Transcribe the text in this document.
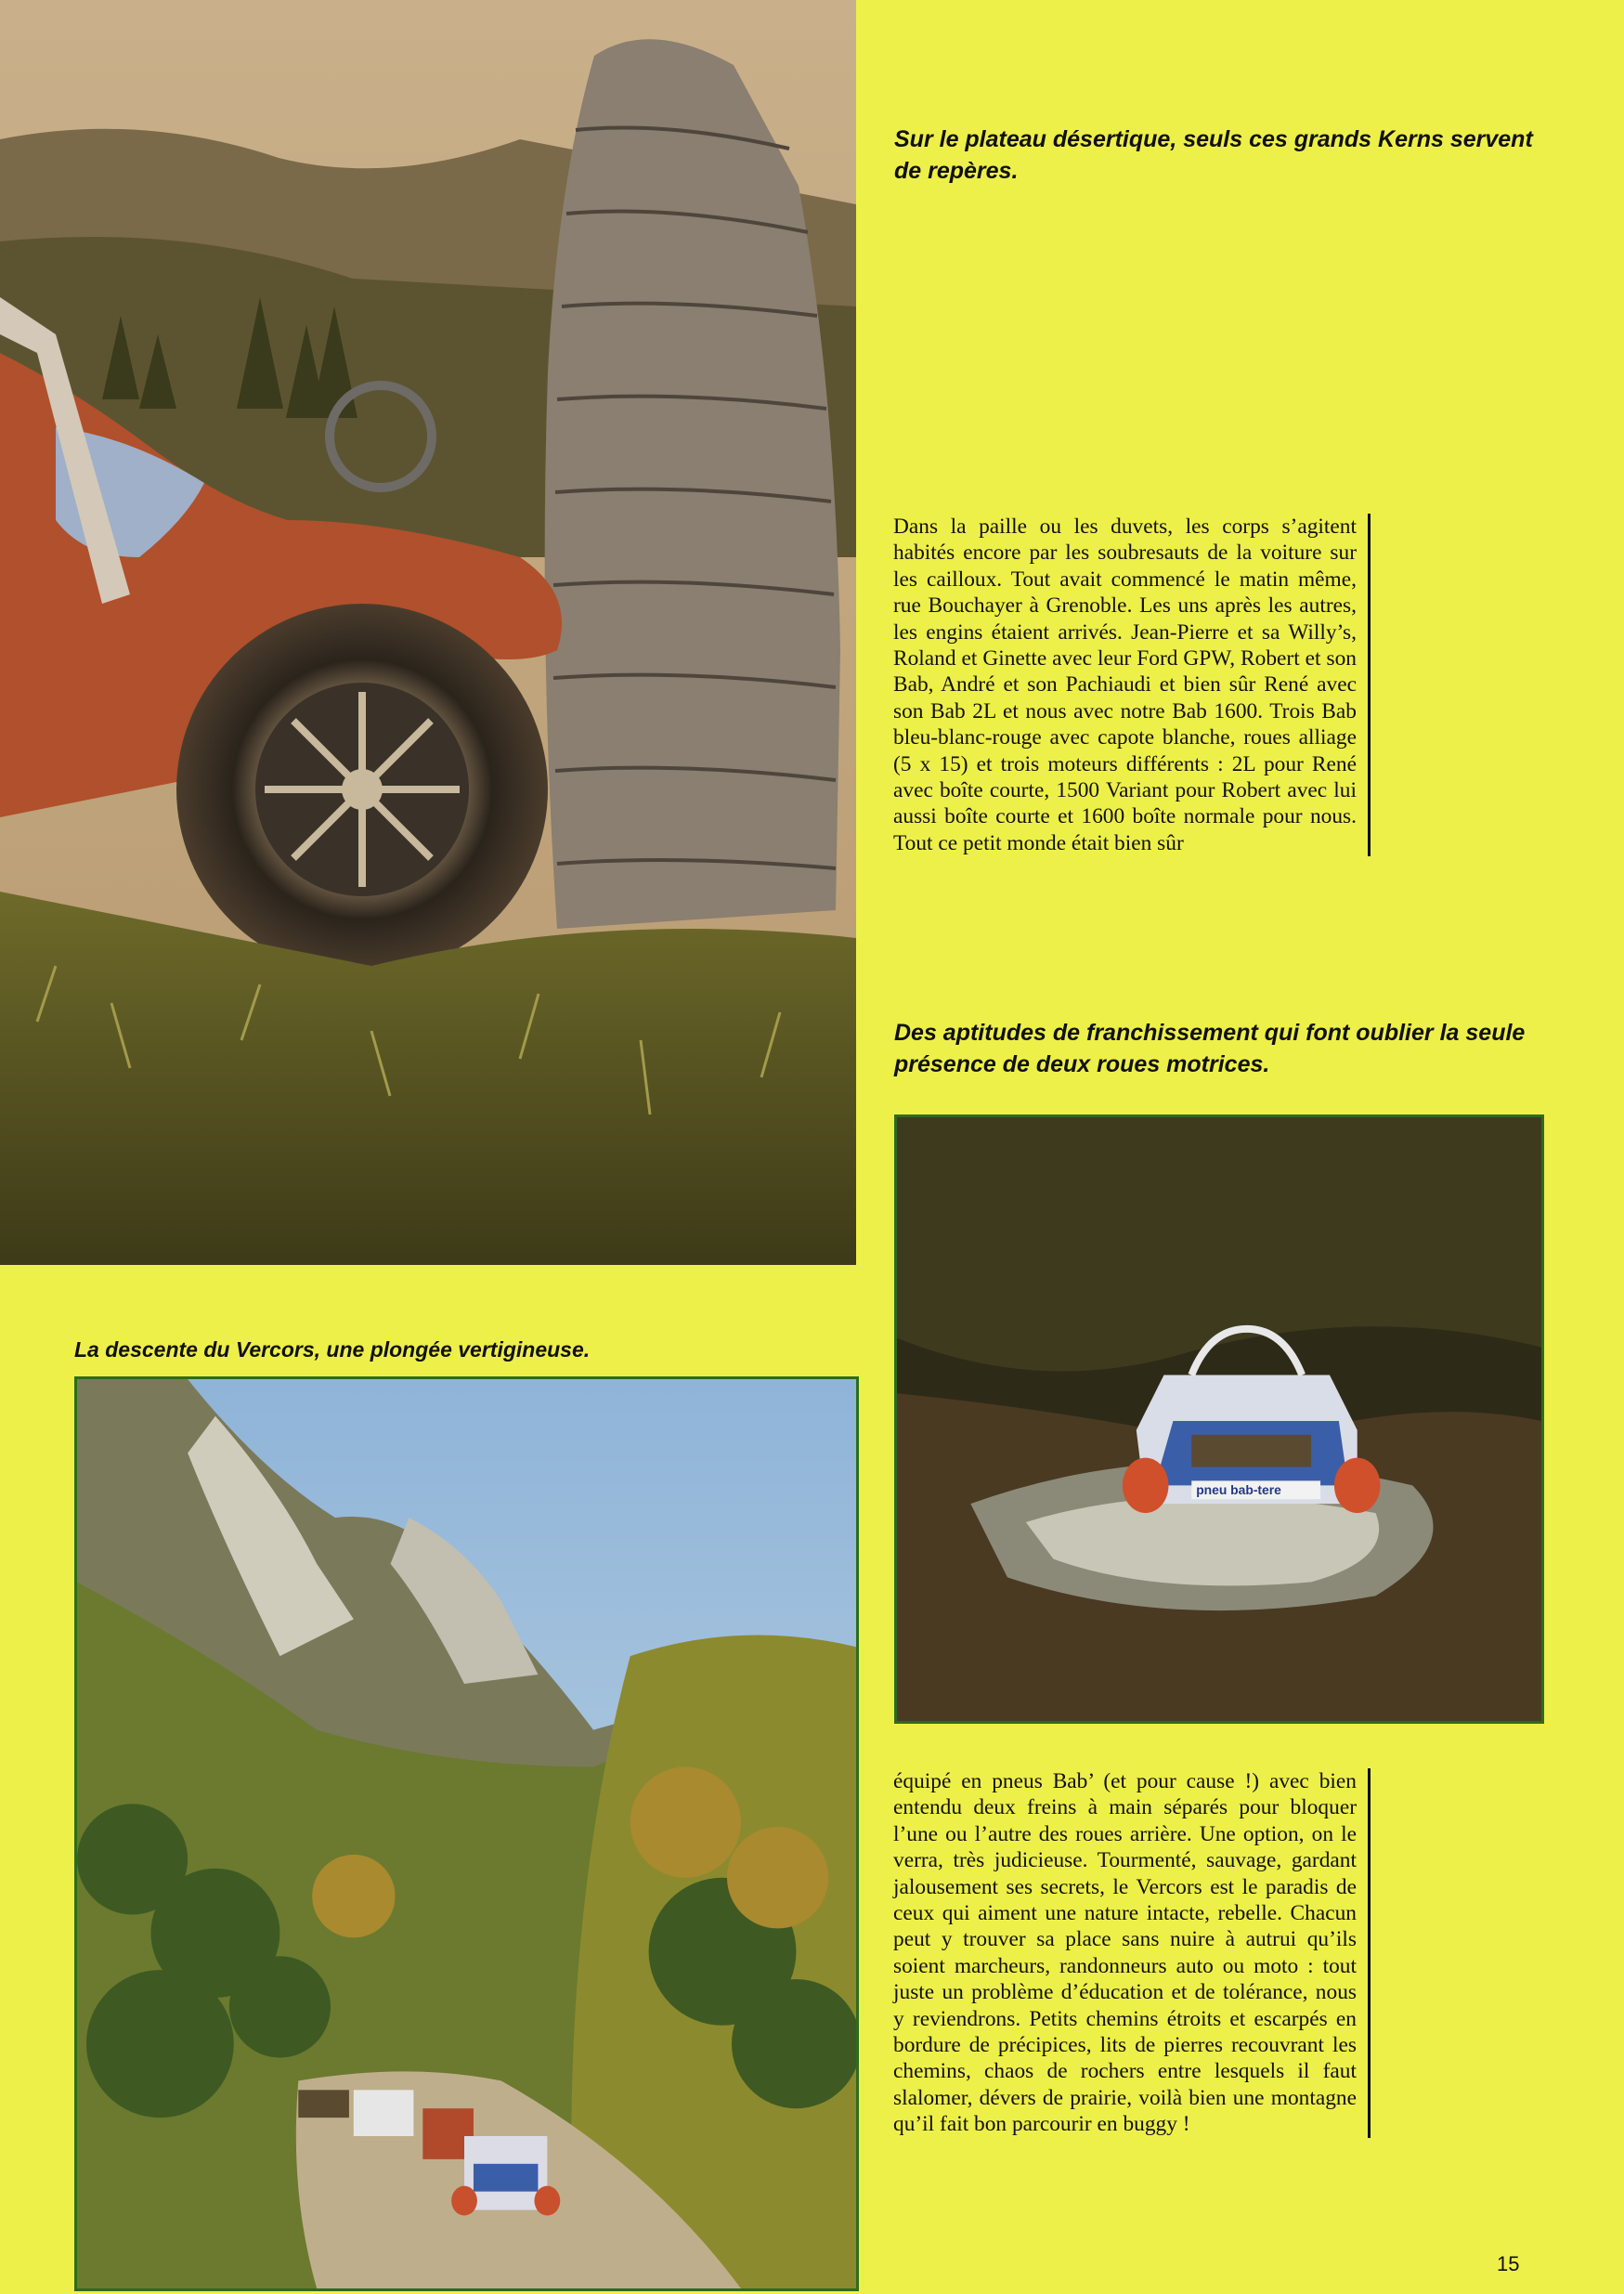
Sur le plateau désertique, seuls ces grands Kerns servent de repères.

Dans la paille ou les duvets, les corps s’agitent habités encore par les soubresauts de la voiture sur les cailloux. Tout avait commencé le matin même, rue Bouchayer à Grenoble. Les uns après les autres, les engins étaient arrivés. Jean-Pierre et sa Willy’s, Roland et Ginette avec leur Ford GPW, Robert et son Bab, André et son Pachiaudi et bien sûr René avec son Bab 2L et nous avec notre Bab 1600. Trois Bab bleu-blanc-rouge avec capote blanche, roues alliage (5 x 15) et trois moteurs différents : 2L pour René avec boîte courte, 1500 Variant pour Robert avec lui aussi boîte courte et 1600 boîte normale pour nous. Tout ce petit monde était bien sûr

Des aptitudes de franchissement qui font oublier la seule présence de deux roues motrices.

pneu bab-tere

La descente du Vercors, une plongée vertigineuse.

équipé en pneus Bab’ (et pour cause !) avec bien entendu deux freins à main séparés pour bloquer l’une ou l’autre des roues arrière. Une option, on le verra, très judicieuse. Tourmenté, sauvage, gardant jalousement ses secrets, le Vercors est le paradis de ceux qui aiment une nature intacte, rebelle. Chacun peut y trouver sa place sans nuire à autrui qu’ils soient marcheurs, randonneurs auto ou moto : tout juste un problème d’éducation et de tolérance, nous y reviendrons. Petits chemins étroits et escarpés en bordure de précipices, lits de pierres recouvrant les chemins, chaos de rochers entre lesquels il faut slalomer, dévers de prairie, voilà bien une montagne qu’il fait bon parcourir en buggy !

15
